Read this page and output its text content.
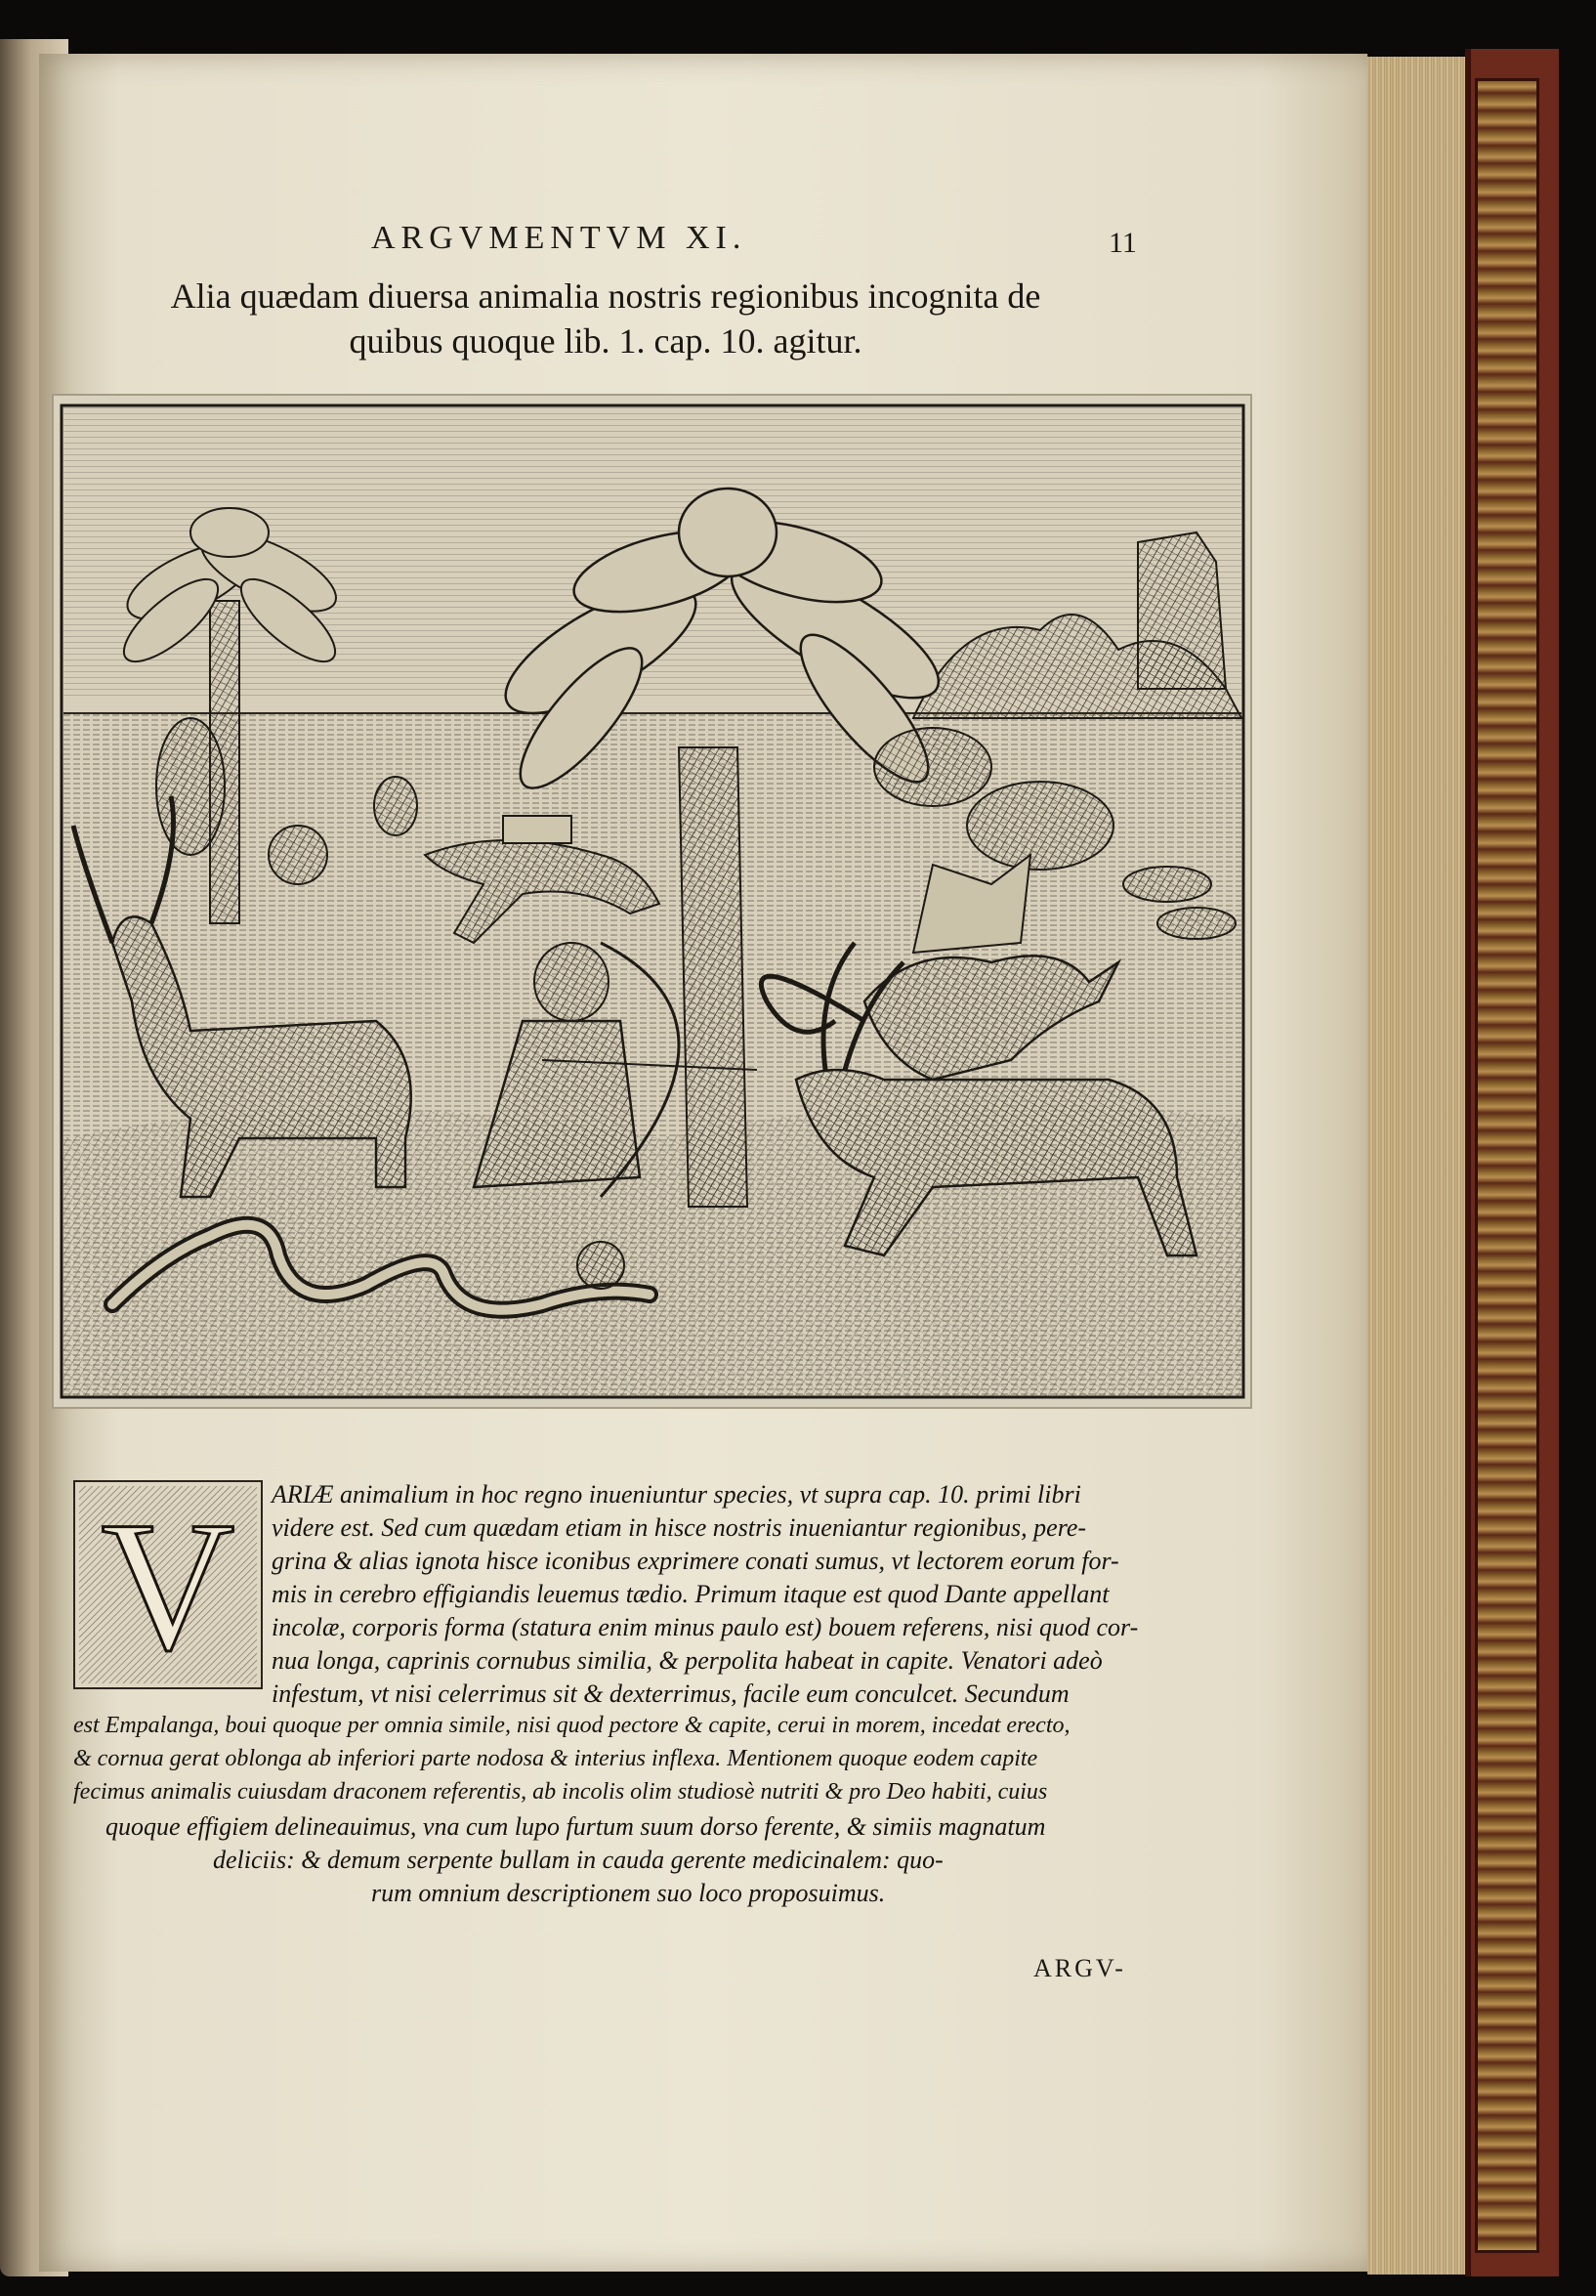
ARGVMENTVM XI.	11
Alia quædam diuersa animalia nostris regionibus incognita de
quibus quoque lib. 1. cap. 10. agitur.
V ARIÆ animalium in hoc regno inueniuntur species, vt supra cap. 10. primi libri
videre est. Sed cum quædam etiam in hisce nostris inueniantur regionibus, pere-
grina & alias ignota hisce iconibus exprimere conati sumus, vt lectorem eorum for-
mis in cerebro effigiandis leuemus tædio. Primum itaque est quod Dante appellant
incolæ, corporis forma (statura enim minus paulo est) bouem referens, nisi quod cor-
nua longa, caprinis cornubus similia, & perpolita habeat in capite. Venatori adeò
infestum, vt nisi celerrimus sit & dexterrimus, facile eum conculcet. Secundum
est Empalanga, boui quoque per omnia simile, nisi quod pectore & capite, cerui in morem, incedat erecto,
& cornua gerat oblonga ab inferiori parte nodosa & interius inflexa. Mentionem quoque eodem capite
fecimus animalis cuiusdam draconem referentis, ab incolis olim studiosè nutriti & pro Deo habiti, cuius
quoque effigiem delineauimus, vna cum lupo furtum suum dorso ferente, & simiis magnatum
deliciis: & demum serpente bullam in cauda gerente medicinalem: quo-
rum omnium descriptionem suo loco proposuimus.
ARGV-
